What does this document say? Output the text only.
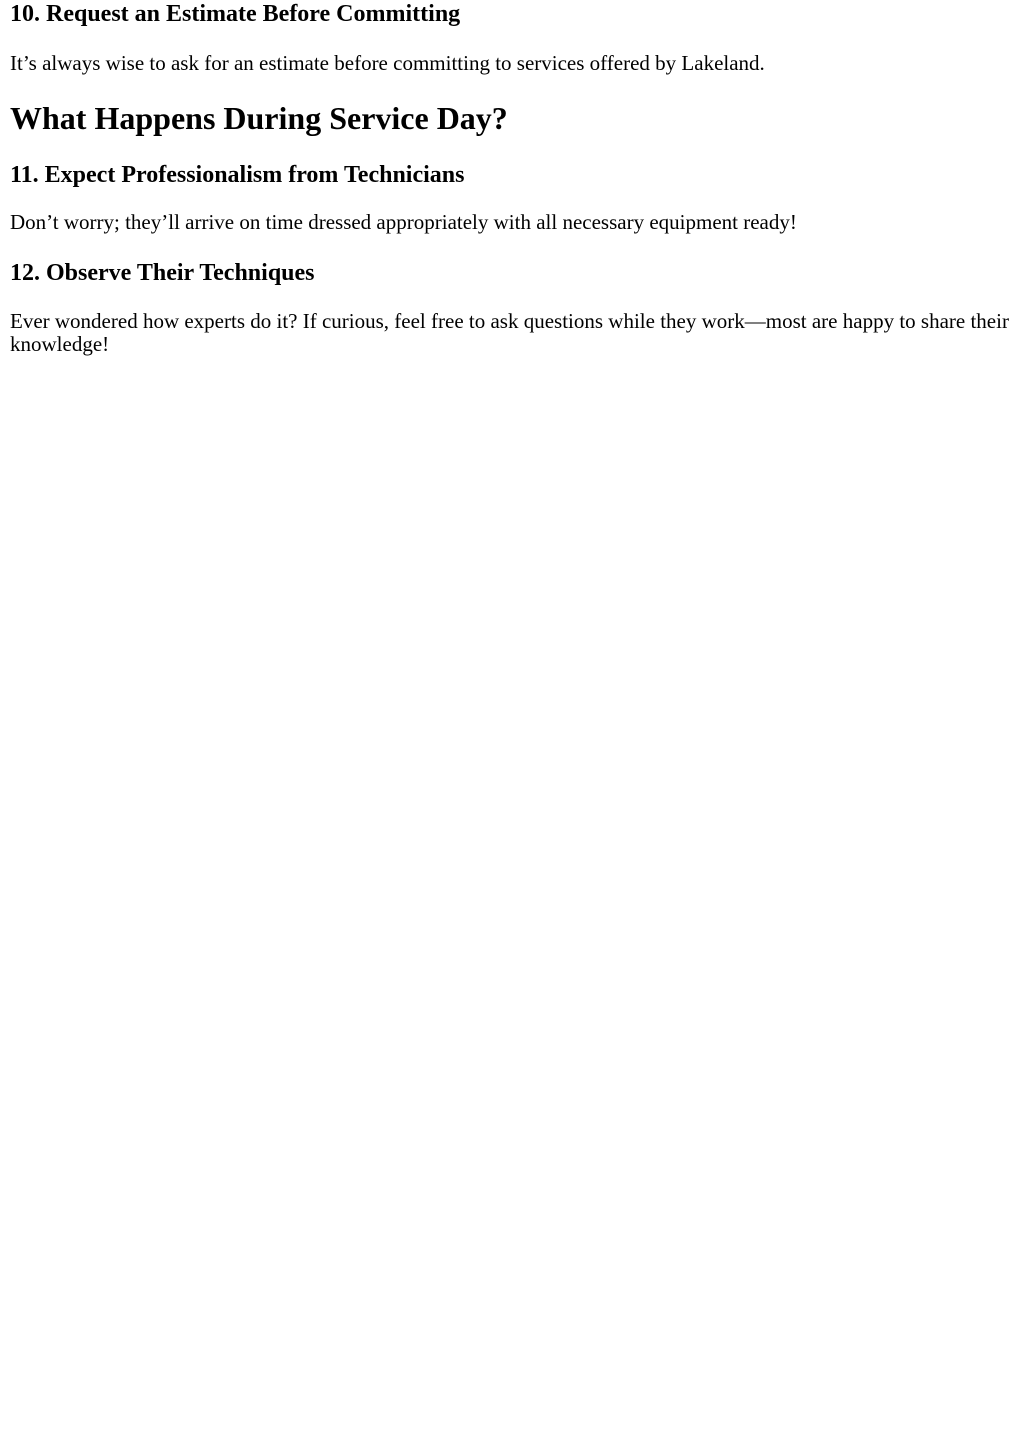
10. Request an Estimate Before Committing

It’s always wise to ask for an estimate before committing to services offered by Lakeland.

What Happens During Service Day?
11. Expect Professionalism from Technicians

Don’t worry; they’ll arrive on time dressed appropriately with all necessary equipment ready!

12. Observe Their Techniques

Ever wondered how experts do it? If curious, feel free to ask questions while they work—most are happy to share their knowledge!
